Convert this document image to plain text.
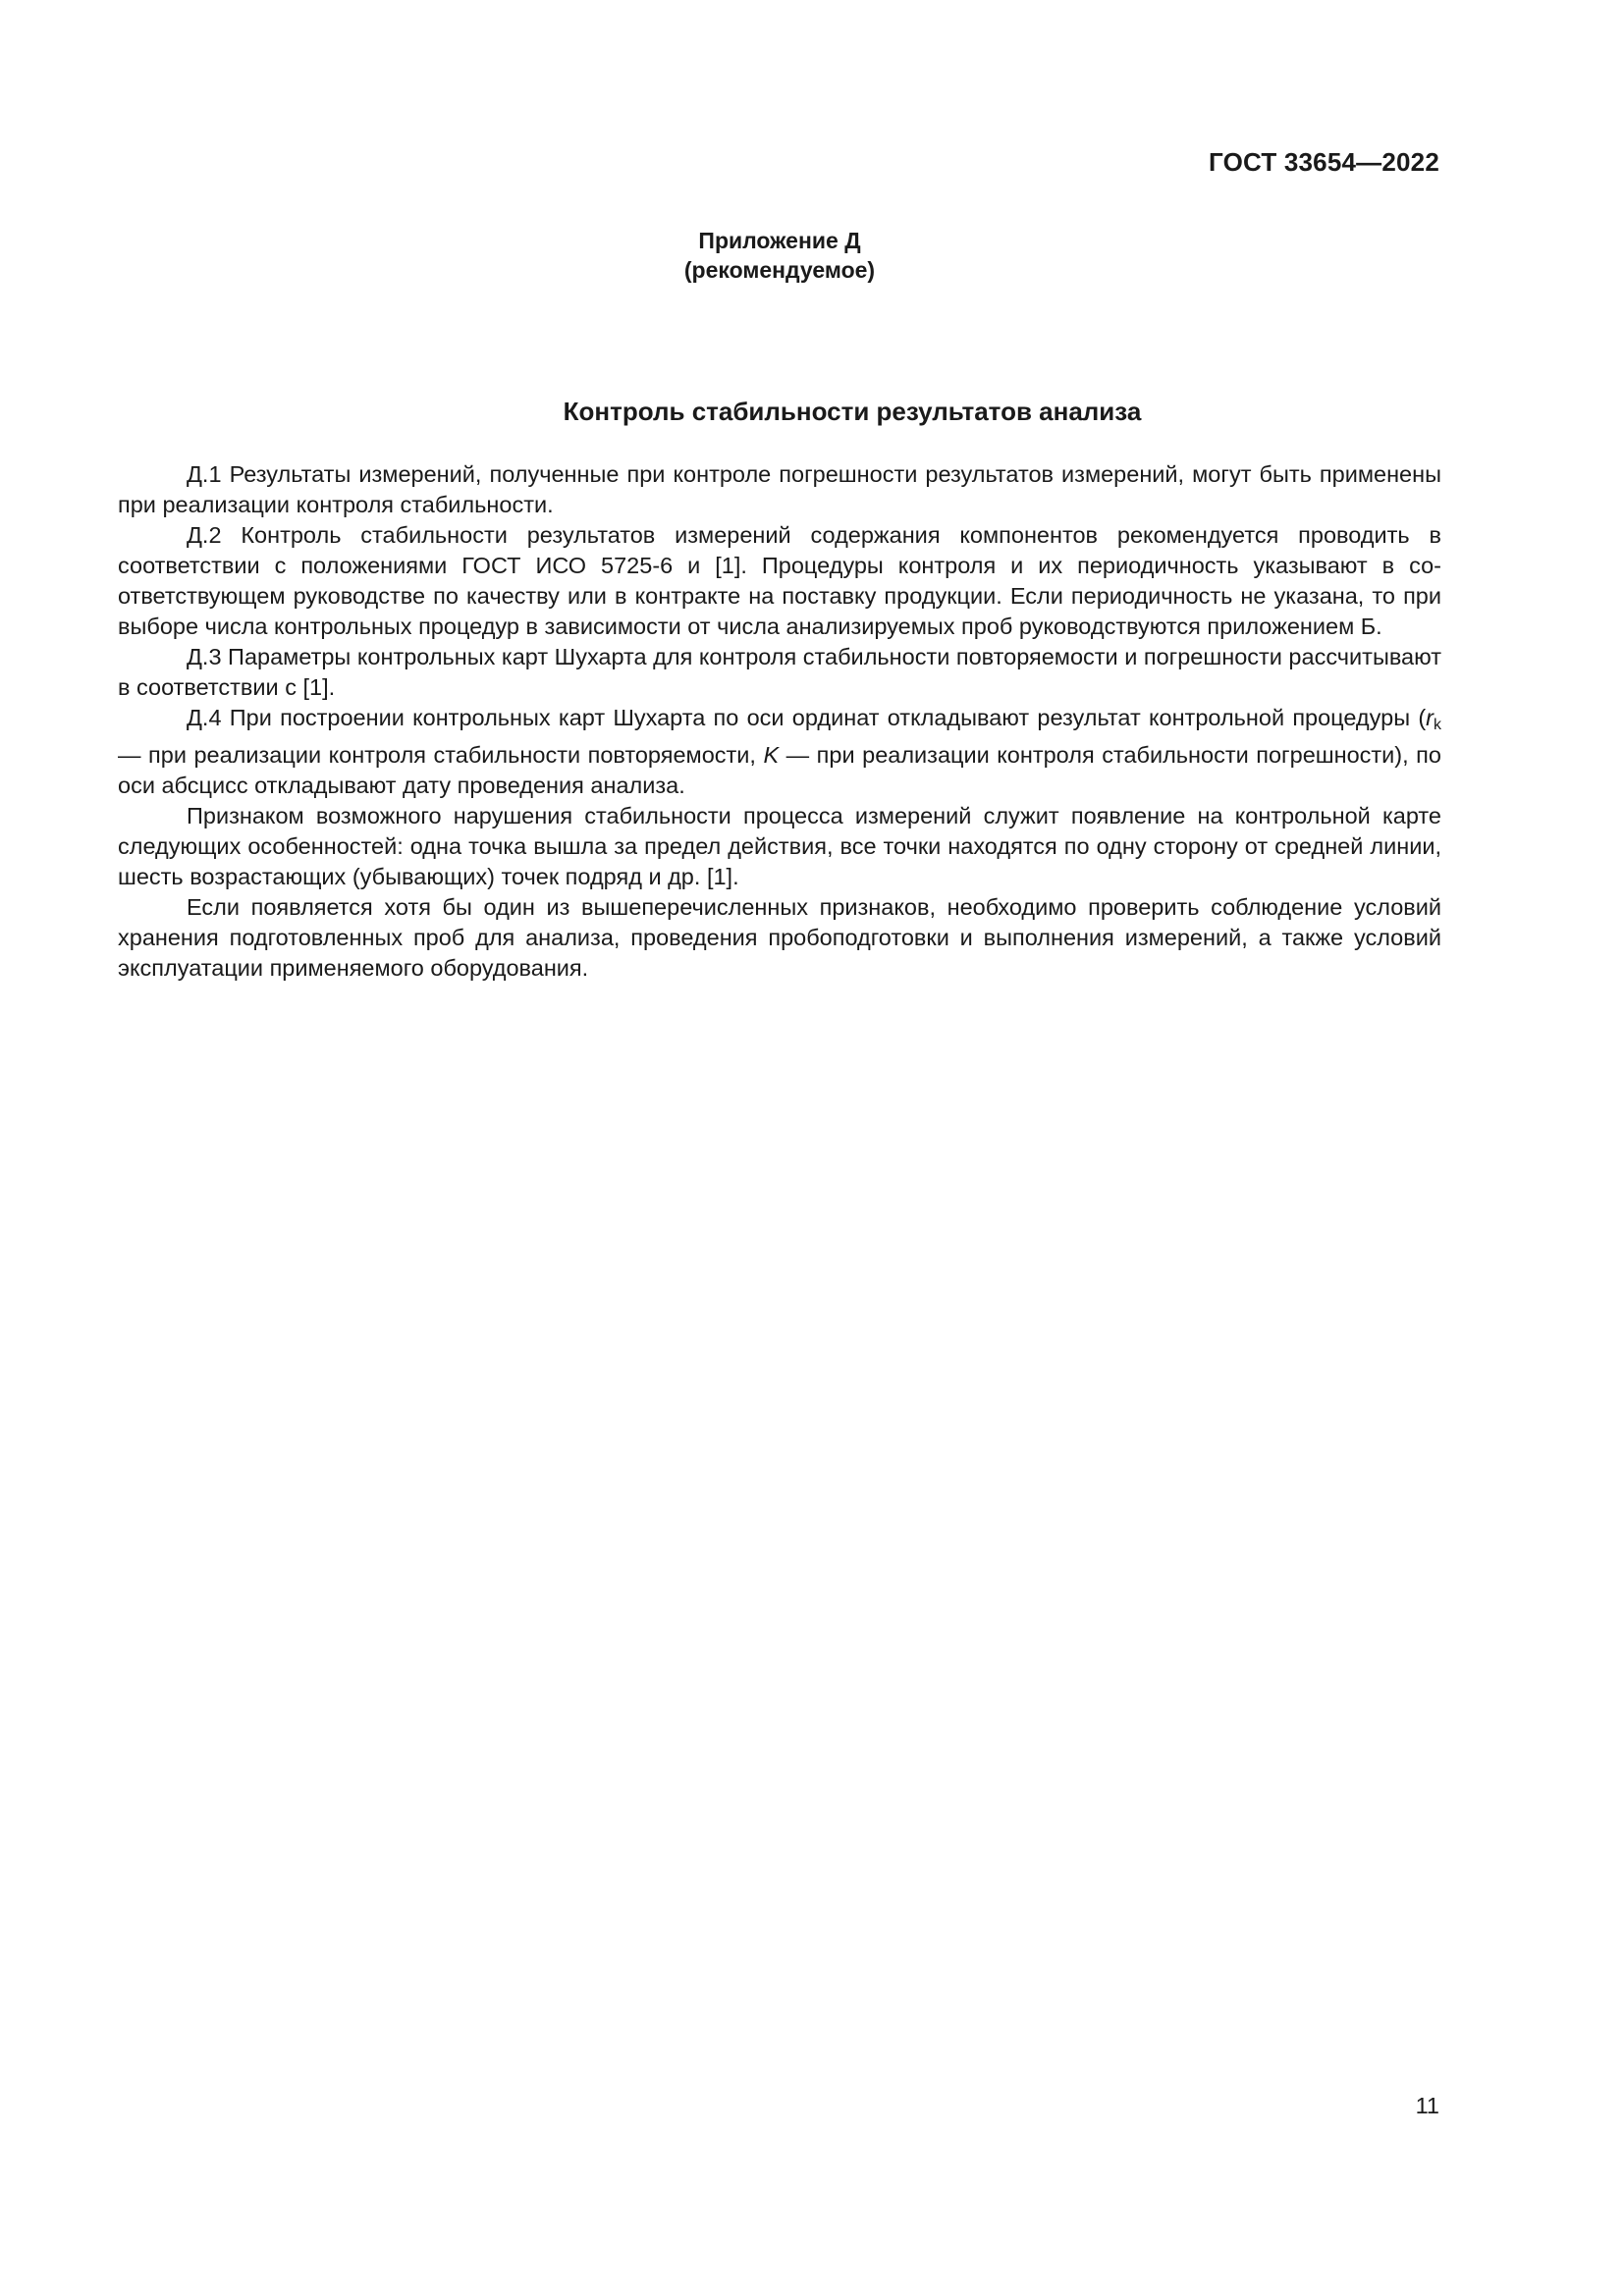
ГОСТ 33654—2022
Приложение Д
(рекомендуемое)
Контроль стабильности результатов анализа

Д.1 Результаты измерений, полученные при контроле погрешности результатов измерений, могут быть применены при реализации контроля стабильности.

Д.2 Контроль стабильности результатов измерений содержания компонентов рекомендуется проводить в соответствии с положениями ГОСТ ИСО 5725-6 и [1]. Процедуры контроля и их периодичность указывают в соответствующем руководстве по качеству или в контракте на поставку продукции. Если периодичность не указана, то при выборе числа контрольных процедур в зависимости от числа анализируемых проб руководствуются приложением Б.

Д.3 Параметры контрольных карт Шухарта для контроля стабильности повторяемости и погрешности рассчитывают в соответствии с [1].

Д.4 При построении контрольных карт Шухарта по оси ординат откладывают результат контрольной процедуры ($r_k$ — при реализации контроля стабильности повторяемости, K — при реализации контроля стабильности погрешности), по оси абсцисс откладывают дату проведения анализа.

Признаком возможного нарушения стабильности процесса измерений служит появление на контрольной карте следующих особенностей: одна точка вышла за предел действия, все точки находятся по одну сторону от средней линии, шесть возрастающих (убывающих) точек подряд и др. [1].

Если появляется хотя бы один из вышеперечисленных признаков, необходимо проверить соблюдение условий хранения подготовленных проб для анализа, проведения пробоподготовки и выполнения измерений, а также условий эксплуатации применяемого оборудования.

11
